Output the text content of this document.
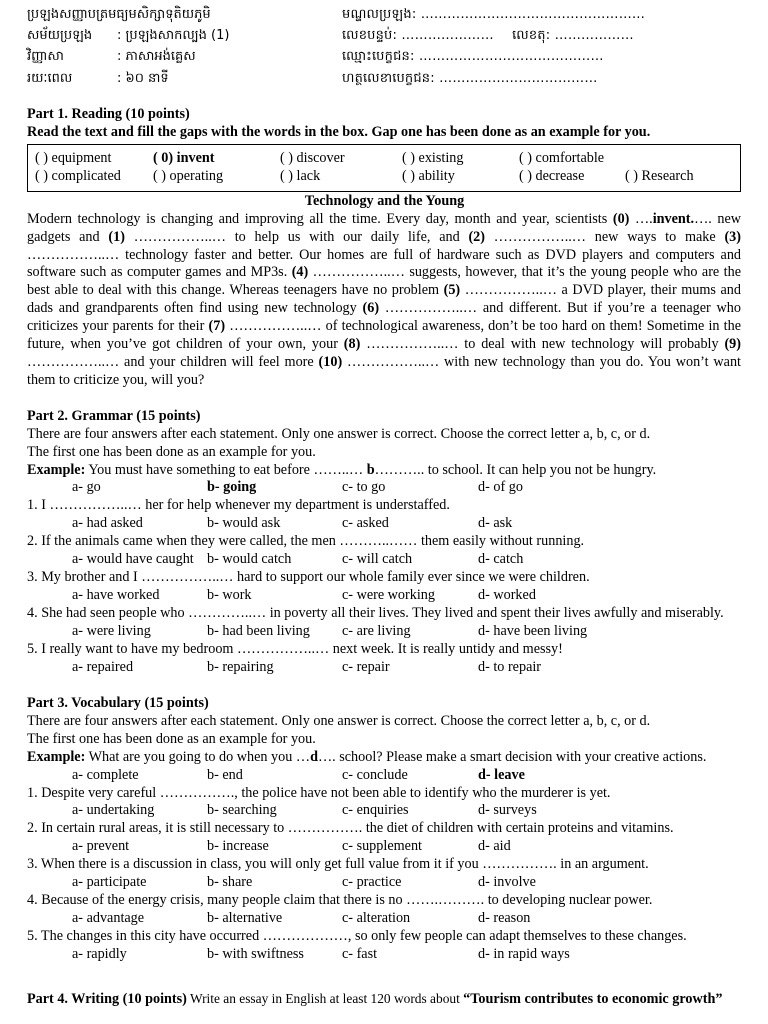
ប្រឡងសញ្ញាបត្រមធ្យមសិក្សាទុតិយភូមិ
សម័យប្រឡង : ប្រឡងសាកល្បង (1)
វិញ្ញាសា	: ភាសាអង់គ្លេស
រយៈពេល	: ៦០ នាទី
មណ្ឌលប្រឡង: ……………………………………………
លេខបន្ទប់: ………………… លេខតុ: ………………
ឈ្មោះបេក្ខជន: ……………………………………
ហត្ថលេខាបេក្ខជន: ………………………………
Part 1. Reading (10 points)
Read the text and fill the gaps with the words in the box. Gap one has been done as an example for you.
( ) equipment	( 0) invent	( ) discover	( ) existing	( ) comfortable
( ) complicated ( ) operating	( ) lack	( ) ability	( ) decrease	( ) Research
Technology and the Young
Modern technology is changing and improving all the time. Every day, month and year, scientists (0) ….invent.…. new gadgets and (1) ……………..… to help us with our daily life, and (2) ……………..… new ways to make (3) ……………..… technology faster and better. Our homes are full of hardware such as DVD players and computers and software such as computer games and MP3s. (4) ……………..… suggests, however, that it’s the young people who are the best able to deal with this change. Whereas teenagers have no problem (5) ……………..… a DVD player, their mums and dads and grandparents often find using new technology (6) ……………..… and different. But if you’re a teenager who criticizes your parents for their (7) ……………..… of technological awareness, don’t be too hard on them! Sometime in the future, when you’ve got children of your own, your (8) ……………..… to deal with new technology will probably (9) ……………..… and your children will feel more (10) ……………..… with new technology than you do. You won’t want them to criticize you, will you?
Part 2. Grammar (15 points)
There are four answers after each statement. Only one answer is correct. Choose the correct letter a, b, c, or d.
The first one has been done as an example for you.
Example: You must have something to eat before ……..… b……….. to school. It can help you not be hungry.
a- go	b- going	c- to go	d- of go
1. I ……………..… her for help whenever my department is understaffed.
a- had asked	b- would ask	c- asked	d- ask
2. If the animals came when they were called, the men ………..…… them easily without running.
a- would have caught b- would catch	c- will catch	d- catch
3. My brother and I ……………..… hard to support our whole family ever since we were children.
a- have worked	b- work	c- were working	d- worked
4. She had seen people who …………..… in poverty all their lives. They lived and spent their lives awfully and miserably.
a- were living	b- had been living c- are living	d- have been living
5. I really want to have my bedroom ……………..… next week. It is really untidy and messy!
a- repaired	b- repairing	c- repair	d- to repair
Part 3. Vocabulary (15 points)
There are four answers after each statement. Only one answer is correct. Choose the correct letter a, b, c, or d.
The first one has been done as an example for you.
Example: What are you going to do when you …d…. school? Please make a smart decision with your creative actions.
a- complete	b- end	c- conclude	d- leave
1. Despite very careful ……………., the police have not been able to identify who the murderer is yet.
a- undertaking	b- searching	c- enquiries	d- surveys
2. In certain rural areas, it is still necessary to ……………. the diet of children with certain proteins and vitamins.
a- prevent	b- increase	c- supplement	d- aid
3. When there is a discussion in class, you will only get full value from it if you ……………. in an argument.
a- participate	b- share	c- practice	d- involve
4. Because of the energy crisis, many people claim that there is no …….………. to developing nuclear power.
a- advantage	b- alternative	c- alteration	d- reason
5. The changes in this city have occurred ………………, so only few people can adapt themselves to these changes.
a- rapidly	b- with swiftness	c- fast	d- in rapid ways
Part 4. Writing (10 points) Write an essay in English at least 120 words about “Tourism contributes to economic growth”
